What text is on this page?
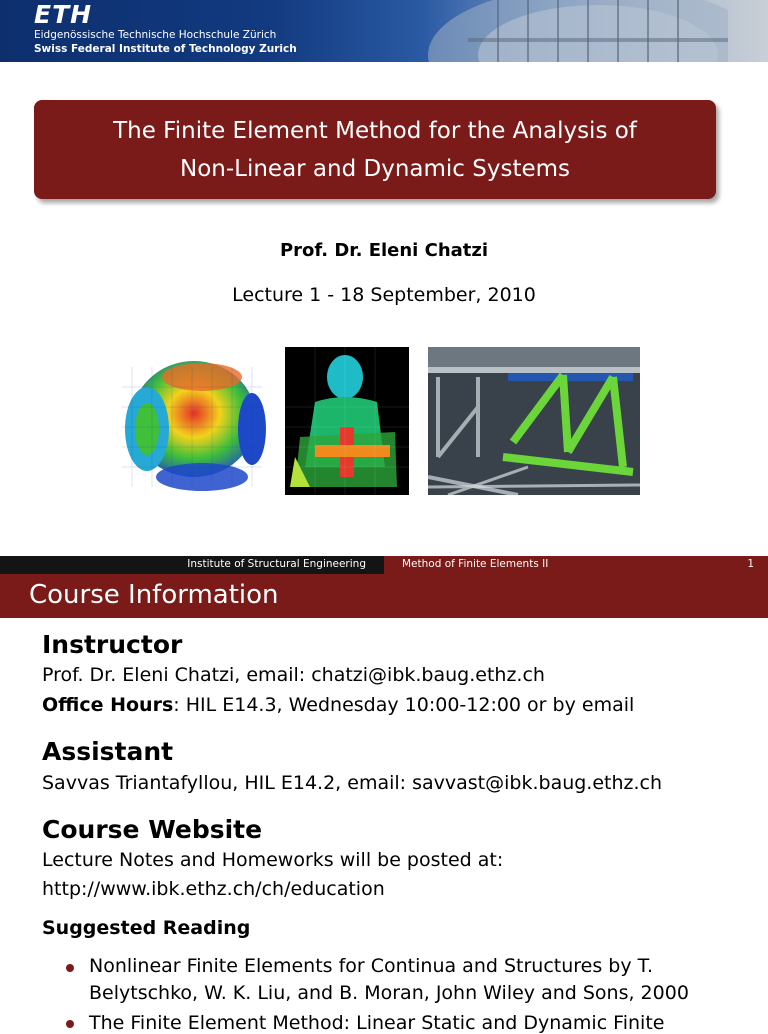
ETH
Eidgenössische Technische Hochschule Zürich
Swiss Federal Institute of Technology Zurich
The Finite Element Method for the Analysis of
Non-Linear and Dynamic Systems
Prof. Dr. Eleni Chatzi
Lecture 1 - 18 September, 2010
Institute of Structural Engineering	Method of Finite Elements II	1
Course Information
Instructor
Prof. Dr. Eleni Chatzi, email: chatzi@ibk.baug.ethz.ch
Office Hours: HIL E14.3, Wednesday 10:00-12:00 or by email
Assistant
Savvas Triantafyllou, HIL E14.2, email: savvast@ibk.baug.ethz.ch
Course Website
Lecture Notes and Homeworks will be posted at:
http://www.ibk.ethz.ch/ch/education
Suggested Reading
Nonlinear Finite Elements for Continua and Structures by T.
Belytschko, W. K. Liu, and B. Moran, John Wiley and Sons, 2000
The Finite Element Method: Linear Static and Dynamic Finite
